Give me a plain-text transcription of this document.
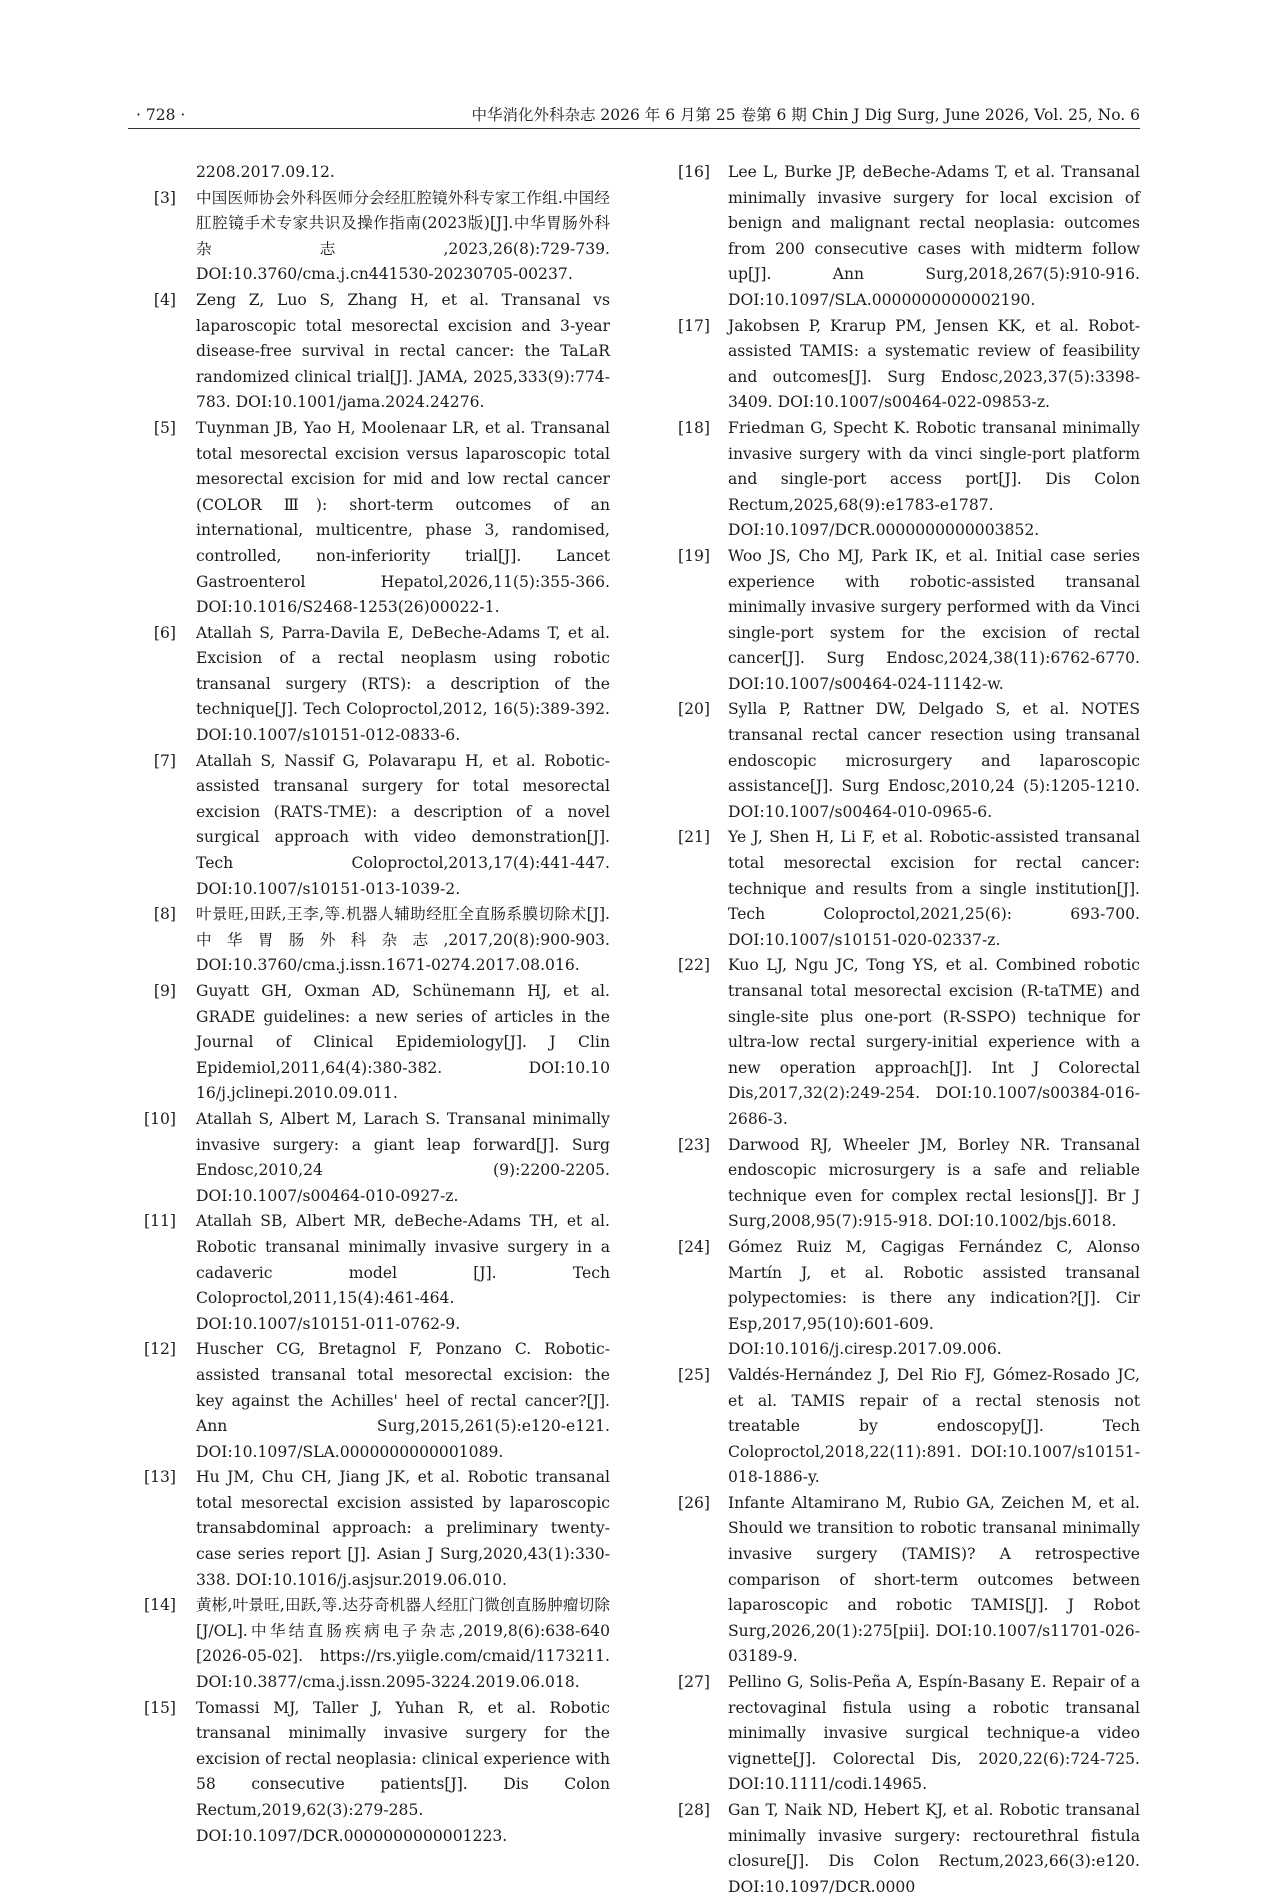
· 728 ·	中华消化外科杂志 2026 年 6 月第 25 卷第 6 期 Chin J Dig Surg, June 2026, Vol. 25, No. 6
2208.2017.09.12.
[3] 中国医师协会外科医师分会经肛腔镜外科专家工作组.中国经肛腔镜手术专家共识及操作指南(2023版)[J].中华胃肠外科杂志,2023,26(8):729-739. DOI:10.3760/cma.j.cn441530-20230705-00237.
[4] Zeng Z, Luo S, Zhang H, et al. Transanal vs laparoscopic total mesorectal excision and 3-year disease-free survival in rectal cancer: the TaLaR randomized clinical trial[J]. JAMA, 2025,333(9):774-783. DOI:10.1001/jama.2024.24276.
[5] Tuynman JB, Yao H, Moolenaar LR, et al. Transanal total mesorectal excision versus laparoscopic total mesorectal excision for mid and low rectal cancer (COLOR Ⅲ): short-term outcomes of an international, multicentre, phase 3, randomised, controlled, non-inferiority trial[J]. Lancet Gastroenterol Hepatol,2026,11(5):355-366. DOI:10.1016/S2468-1253(26)00022-1.
[6] Atallah S, Parra-Davila E, DeBeche-Adams T, et al. Excision of a rectal neoplasm using robotic transanal surgery (RTS): a description of the technique[J]. Tech Coloproctol,2012, 16(5):389-392. DOI:10.1007/s10151-012-0833-6.
[7] Atallah S, Nassif G, Polavarapu H, et al. Robotic-assisted transanal surgery for total mesorectal excision (RATS-TME): a description of a novel surgical approach with video demonstration[J]. Tech Coloproctol,2013,17(4):441-447. DOI:10.1007/s10151-013-1039-2.
[8] 叶景旺,田跃,王李,等.机器人辅助经肛全直肠系膜切除术[J].中华胃肠外科杂志,2017,20(8):900-903. DOI:10.3760/cma.j.issn.1671-0274.2017.08.016.
[9] Guyatt GH, Oxman AD, Schünemann HJ, et al. GRADE guidelines: a new series of articles in the Journal of Clinical Epidemiology[J]. J Clin Epidemiol,2011,64(4):380-382. DOI:10.10 16/j.jclinepi.2010.09.011.
[10] Atallah S, Albert M, Larach S. Transanal minimally invasive surgery: a giant leap forward[J]. Surg Endosc,2010,24 (9):2200-2205. DOI:10.1007/s00464-010-0927-z.
[11] Atallah SB, Albert MR, deBeche-Adams TH, et al. Robotic transanal minimally invasive surgery in a cadaveric model [J]. Tech Coloproctol,2011,15(4):461-464. DOI:10.1007/s10151-011-0762-9.
[12] Huscher CG, Bretagnol F, Ponzano C. Robotic-assisted transanal total mesorectal excision: the key against the Achilles' heel of rectal cancer?[J]. Ann Surg,2015,261(5):e120-e121. DOI:10.1097/SLA.0000000000001089.
[13] Hu JM, Chu CH, Jiang JK, et al. Robotic transanal total mesorectal excision assisted by laparoscopic transabdominal approach: a preliminary twenty-case series report [J]. Asian J Surg,2020,43(1):330-338. DOI:10.1016/j.asjsur.2019.06.010.
[14] 黄彬,叶景旺,田跃,等.达芬奇机器人经肛门微创直肠肿瘤切除[J/OL].中华结直肠疾病电子杂志,2019,8(6):638-640 [2026-05-02]. https://rs.yiigle.com/cmaid/1173211. DOI:10.3877/cma.j.issn.2095-3224.2019.06.018.
[15] Tomassi MJ, Taller J, Yuhan R, et al. Robotic transanal minimally invasive surgery for the excision of rectal neoplasia: clinical experience with 58 consecutive patients[J]. Dis Colon Rectum,2019,62(3):279-285. DOI:10.1097/DCR.0000000000001223.
[16] Lee L, Burke JP, deBeche-Adams T, et al. Transanal minimally invasive surgery for local excision of benign and malignant rectal neoplasia: outcomes from 200 consecutive cases with midterm follow up[J]. Ann Surg,2018,267(5):910-916. DOI:10.1097/SLA.0000000000002190.
[17] Jakobsen P, Krarup PM, Jensen KK, et al. Robot-assisted TAMIS: a systematic review of feasibility and outcomes[J]. Surg Endosc,2023,37(5):3398-3409. DOI:10.1007/s00464-022-09853-z.
[18] Friedman G, Specht K. Robotic transanal minimally invasive surgery with da vinci single-port platform and single-port access port[J]. Dis Colon Rectum,2025,68(9):e1783-e1787. DOI:10.1097/DCR.0000000000003852.
[19] Woo JS, Cho MJ, Park IK, et al. Initial case series experience with robotic-assisted transanal minimally invasive surgery performed with da Vinci single-port system for the excision of rectal cancer[J]. Surg Endosc,2024,38(11):6762-6770. DOI:10.1007/s00464-024-11142-w.
[20] Sylla P, Rattner DW, Delgado S, et al. NOTES transanal rectal cancer resection using transanal endoscopic microsurgery and laparoscopic assistance[J]. Surg Endosc,2010,24 (5):1205-1210. DOI:10.1007/s00464-010-0965-6.
[21] Ye J, Shen H, Li F, et al. Robotic-assisted transanal total mesorectal excision for rectal cancer: technique and results from a single institution[J]. Tech Coloproctol,2021,25(6): 693-700. DOI:10.1007/s10151-020-02337-z.
[22] Kuo LJ, Ngu JC, Tong YS, et al. Combined robotic transanal total mesorectal excision (R-taTME) and single-site plus one-port (R-SSPO) technique for ultra-low rectal surgery-initial experience with a new operation approach[J]. Int J Colorectal Dis,2017,32(2):249-254. DOI:10.1007/s00384-016-2686-3.
[23] Darwood RJ, Wheeler JM, Borley NR. Transanal endoscopic microsurgery is a safe and reliable technique even for complex rectal lesions[J]. Br J Surg,2008,95(7):915-918. DOI:10.1002/bjs.6018.
[24] Gómez Ruiz M, Cagigas Fernández C, Alonso Martín J, et al. Robotic assisted transanal polypectomies: is there any indication?[J]. Cir Esp,2017,95(10):601-609. DOI:10.1016/j.ciresp.2017.09.006.
[25] Valdés-Hernández J, Del Rio FJ, Gómez-Rosado JC, et al. TAMIS repair of a rectal stenosis not treatable by endoscopy[J]. Tech Coloproctol,2018,22(11):891. DOI:10.1007/s10151-018-1886-y.
[26] Infante Altamirano M, Rubio GA, Zeichen M, et al. Should we transition to robotic transanal minimally invasive surgery (TAMIS)? A retrospective comparison of short-term outcomes between laparoscopic and robotic TAMIS[J]. J Robot Surg,2026,20(1):275[pii]. DOI:10.1007/s11701-026-03189-9.
[27] Pellino G, Solis-Peña A, Espín-Basany E. Repair of a rectovaginal fistula using a robotic transanal minimally invasive surgical technique-a video vignette[J]. Colorectal Dis, 2020,22(6):724-725. DOI:10.1111/codi.14965.
[28] Gan T, Naik ND, Hebert KJ, et al. Robotic transanal minimally invasive surgery: rectourethral fistula closure[J]. Dis Colon Rectum,2023,66(3):e120. DOI:10.1097/DCR.0000
